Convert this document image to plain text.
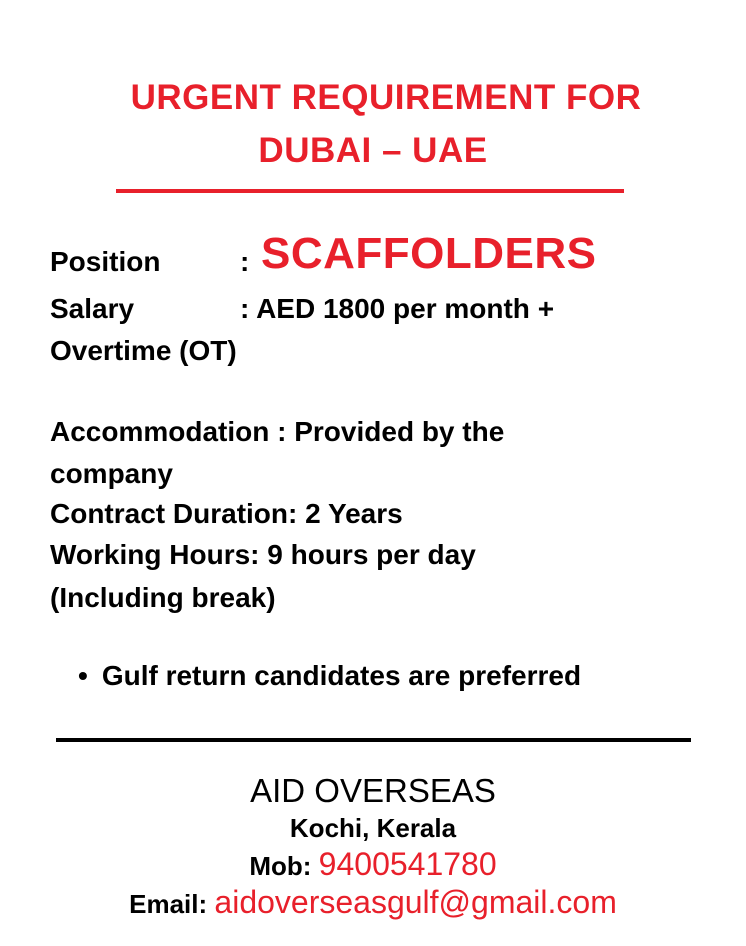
URGENT REQUIREMENT FOR
DUBAI – UAE
Position	: SCAFFOLDERS
Salary	: AED 1800 per month +
Overtime (OT)
Accommodation : Provided by the
company
Contract Duration: 2 Years
Working Hours: 9 hours per day
(Including break)
• Gulf return candidates are preferred
AID OVERSEAS
Kochi, Kerala
Mob: 9400541780
Email: aidoverseasgulf@gmail.com
